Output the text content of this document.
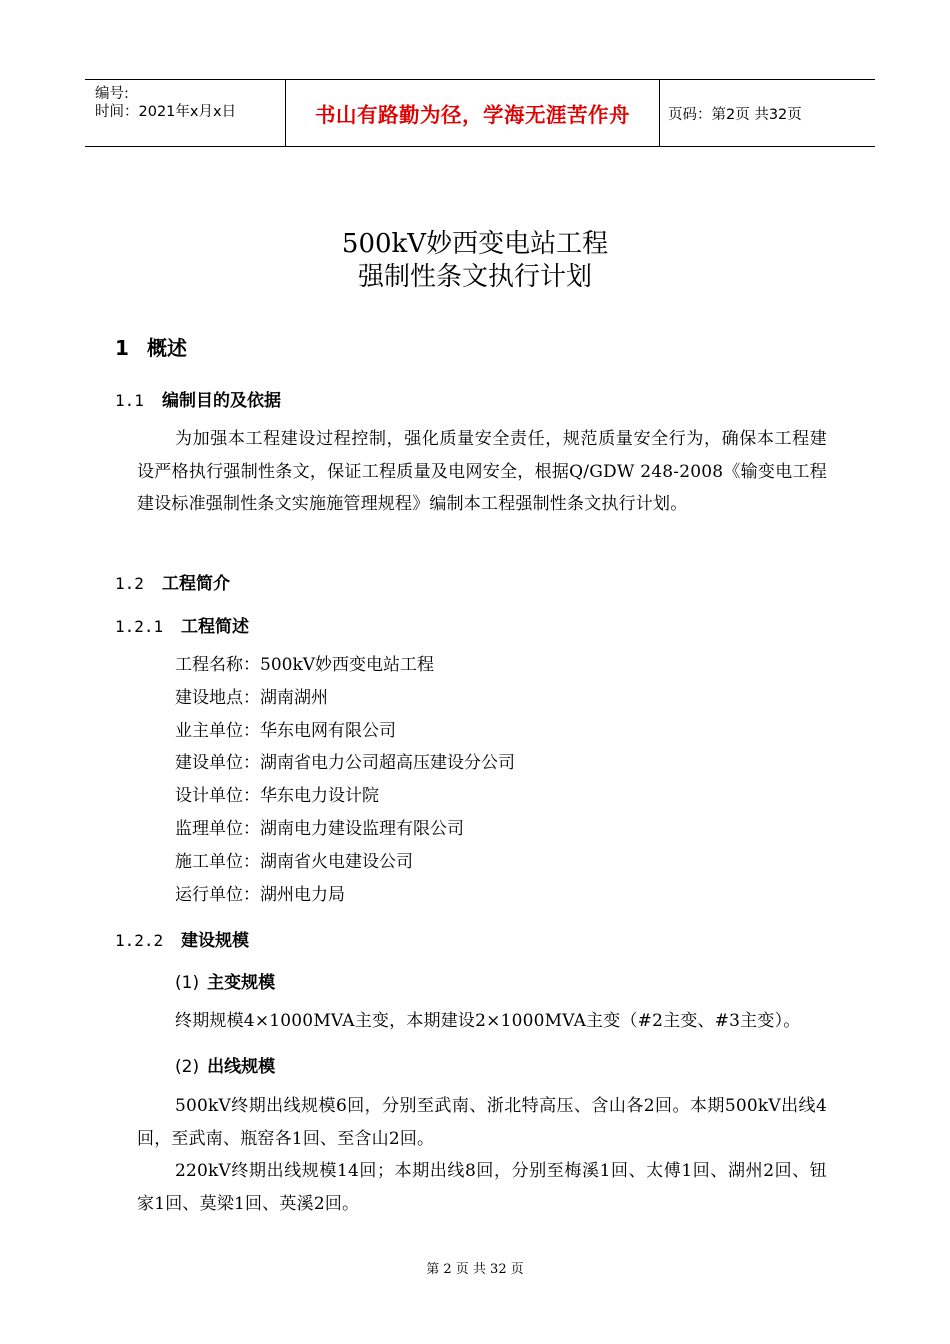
编号:
时间：2021年x月x日	书山有路勤为径，学海无涯苦作舟	页码：第2页 共32页
500kV妙西变电站工程
强制性条文执行计划
1 概述
1.1 编制目的及依据

为加强本工程建设过程控制，强化质量安全责任，规范质量安全行为，确保本工程建设严格执行强制性条文，保证工程质量及电网安全，根据Q/GDW 248-2008《输变电工程建设标准强制性条文实施施管理规程》编制本工程强制性条文执行计划。

1.2 工程简介
1.2.1 工程简述
工程名称：500kV妙西变电站工程
建设地点：湖南湖州
业主单位：华东电网有限公司
建设单位：湖南省电力公司超高压建设分公司
设计单位：华东电力设计院
监理单位：湖南电力建设监理有限公司
施工单位：湖南省火电建设公司
运行单位：湖州电力局
1.2.2 建设规模
(1) 主变规模

终期规模4×1000MVA主变，本期建设2×1000MVA主变（#2主变、#3主变）。

(2) 出线规模

500kV终期出线规模6回，分别至武南、浙北特高压、含山各2回。本期500kV出线4回，至武南、瓶窑各1回、至含山2回。

220kV终期出线规模14回；本期出线8回，分别至梅溪1回、太傅1回、湖州2回、钮家1回、莫梁1回、英溪2回。

第 2 页 共 32 页
